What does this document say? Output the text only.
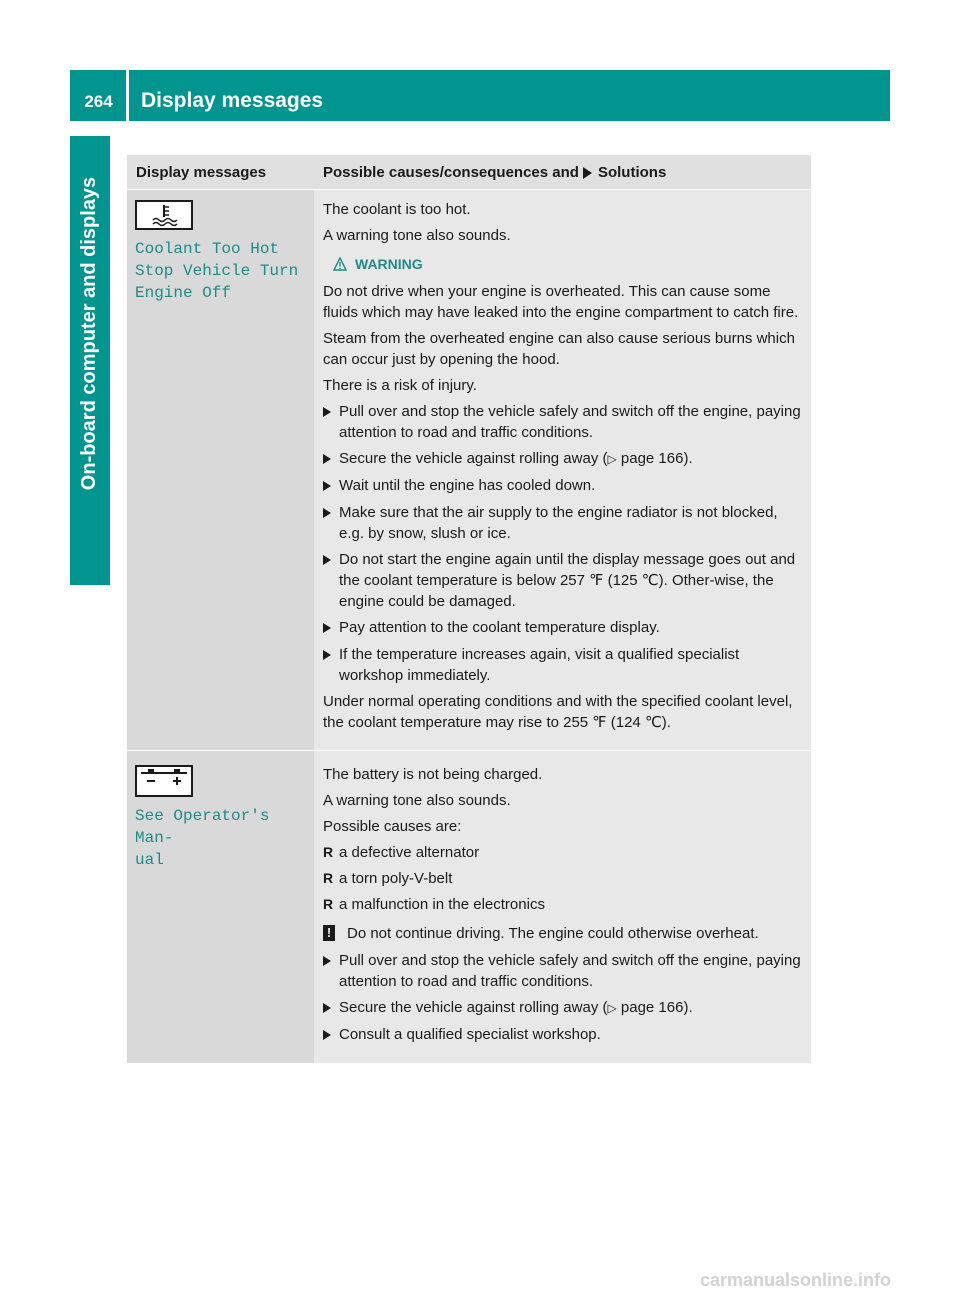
264	Display messages
On-board computer and displays
Display messages	Possible causes/consequences and Solutions
Coolant Too Hot
Stop Vehicle Turn
Engine Off

The coolant is too hot.

A warning tone also sounds.

WARNING

Do not drive when your engine is overheated. This can cause some fluids which may have leaked into the engine compartment to catch fire.

Steam from the overheated engine can also cause serious burns which can occur just by opening the hood.

There is a risk of injury.

Pull over and stop the vehicle safely and switch off the engine, paying attention to road and traffic conditions.
Secure the vehicle against rolling away (▷ page 166).
Wait until the engine has cooled down.
Make sure that the air supply to the engine radiator is not blocked, e.g. by snow, slush or ice.
Do not start the engine again until the display message goes out and the coolant temperature is below 257 ℉ (125 ℃). Other-wise, the engine could be damaged.
Pay attention to the coolant temperature display.
If the temperature increases again, visit a qualified specialist workshop immediately.

Under normal operating conditions and with the specified coolant level, the coolant temperature may rise to 255 ℉ (124 ℃).

See Operator's Man‐
ual

The battery is not being charged.

A warning tone also sounds.

Possible causes are:

R a defective alternator
R a torn poly-V-belt
R a malfunction in the electronics
! Do not continue driving. The engine could otherwise overheat.
Pull over and stop the vehicle safely and switch off the engine, paying attention to road and traffic conditions.
Secure the vehicle against rolling away (▷ page 166).
Consult a qualified specialist workshop.
carmanualsonline.info
